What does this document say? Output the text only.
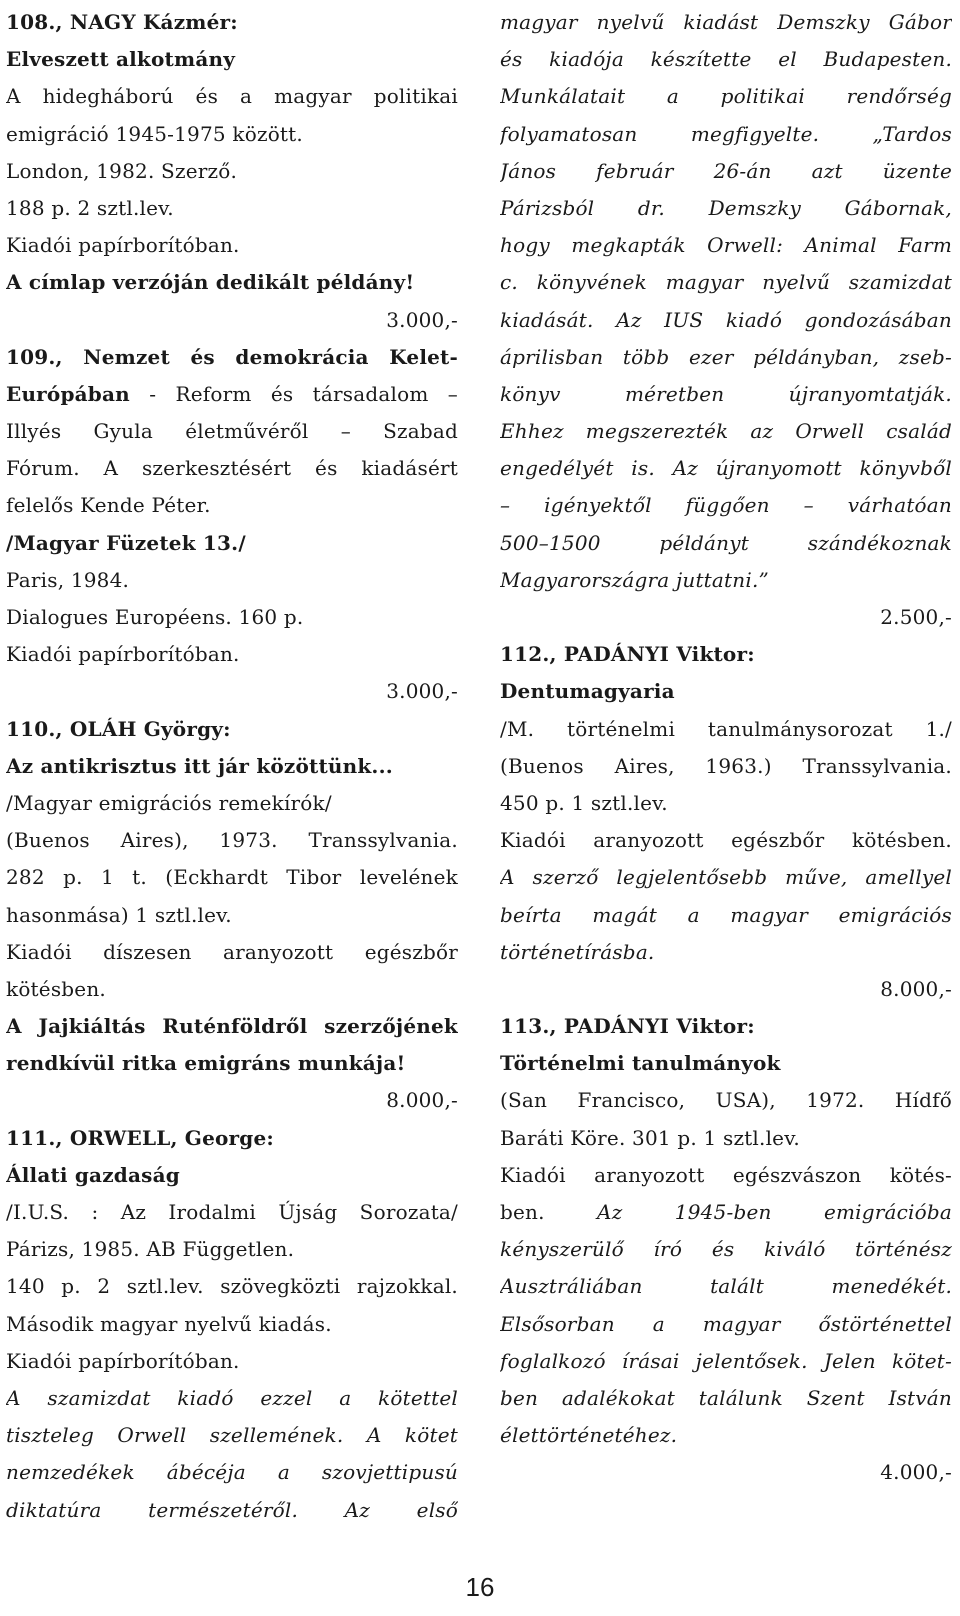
108., NAGY Kázmér:
Elveszett alkotmány
A hidegháború és a magyar politikai
emigráció 1945-1975 között.
London, 1982. Szerző.
188 p. 2 sztl.lev.
Kiadói papírborítóban.
A címlap verzóján dedikált példány!
3.000,-
109., Nemzet és demokrácia Kelet-
Európában - Reform és társadalom –
Illyés Gyula életművéről – Szabad
Fórum. A szerkesztésért és kiadásért
felelős Kende Péter.
/Magyar Füzetek 13./
Paris, 1984.
Dialogues Européens. 160 p.
Kiadói papírborítóban.
3.000,-
110., OLÁH György:
Az antikrisztus itt jár közöttünk...
/Magyar emigrációs remekírók/
(Buenos Aires), 1973. Transsylvania.
282 p. 1 t. (Eckhardt Tibor levelének
hasonmása) 1 sztl.lev.
Kiadói díszesen aranyozott egészbőr
kötésben.
A Jajkiáltás Ruténföldről szerzőjének
rendkívül ritka emigráns munkája!
8.000,-
111., ORWELL, George:
Állati gazdaság
/I.U.S. : Az Irodalmi Újság Sorozata/
Párizs, 1985. AB Független.
140 p. 2 sztl.lev. szövegközti rajzokkal.
Második magyar nyelvű kiadás.
Kiadói papírborítóban.
A szamizdat kiadó ezzel a kötettel
tiszteleg Orwell szellemének. A kötet
nemzedékek ábécéja a szovjettipusú
diktatúra természetéről. Az első
magyar nyelvű kiadást Demszky Gábor
és kiadója készítette el Budapesten.
Munkálatait a politikai rendőrség
folyamatosan megfigyelte. „Tardos
János február 26-án azt üzente
Párizsból dr. Demszky Gábornak,
hogy megkapták Orwell: Animal Farm
c. könyvének magyar nyelvű szamizdat
kiadását. Az IUS kiadó gondozásában
áprilisban több ezer példányban, zseb-
könyv méretben újranyomtatják.
Ehhez megszerezték az Orwell család
engedélyét is. Az újranyomott könyvből
– igényektől függően – várhatóan
500–1500 példányt szándékoznak
Magyarországra juttatni.”
2.500,-
112., PADÁNYI Viktor:
Dentumagyaria
/M. történelmi tanulmánysorozat 1./
(Buenos Aires, 1963.) Transsylvania.
450 p. 1 sztl.lev.
Kiadói aranyozott egészbőr kötésben.
A szerző legjelentősebb műve, amellyel
beírta magát a magyar emigrációs
történetírásba.
8.000,-
113., PADÁNYI Viktor:
Történelmi tanulmányok
(San Francisco, USA), 1972. Hídfő
Baráti Köre. 301 p. 1 sztl.lev.
Kiadói aranyozott egészvászon kötés-
ben. Az 1945-ben emigrációba
kényszerülő író és kiváló történész
Ausztráliában talált menedékét.
Elsősorban a magyar őstörténettel
foglalkozó írásai jelentősek. Jelen kötet-
ben adalékokat találunk Szent István
élettörténetéhez.
4.000,-
16
